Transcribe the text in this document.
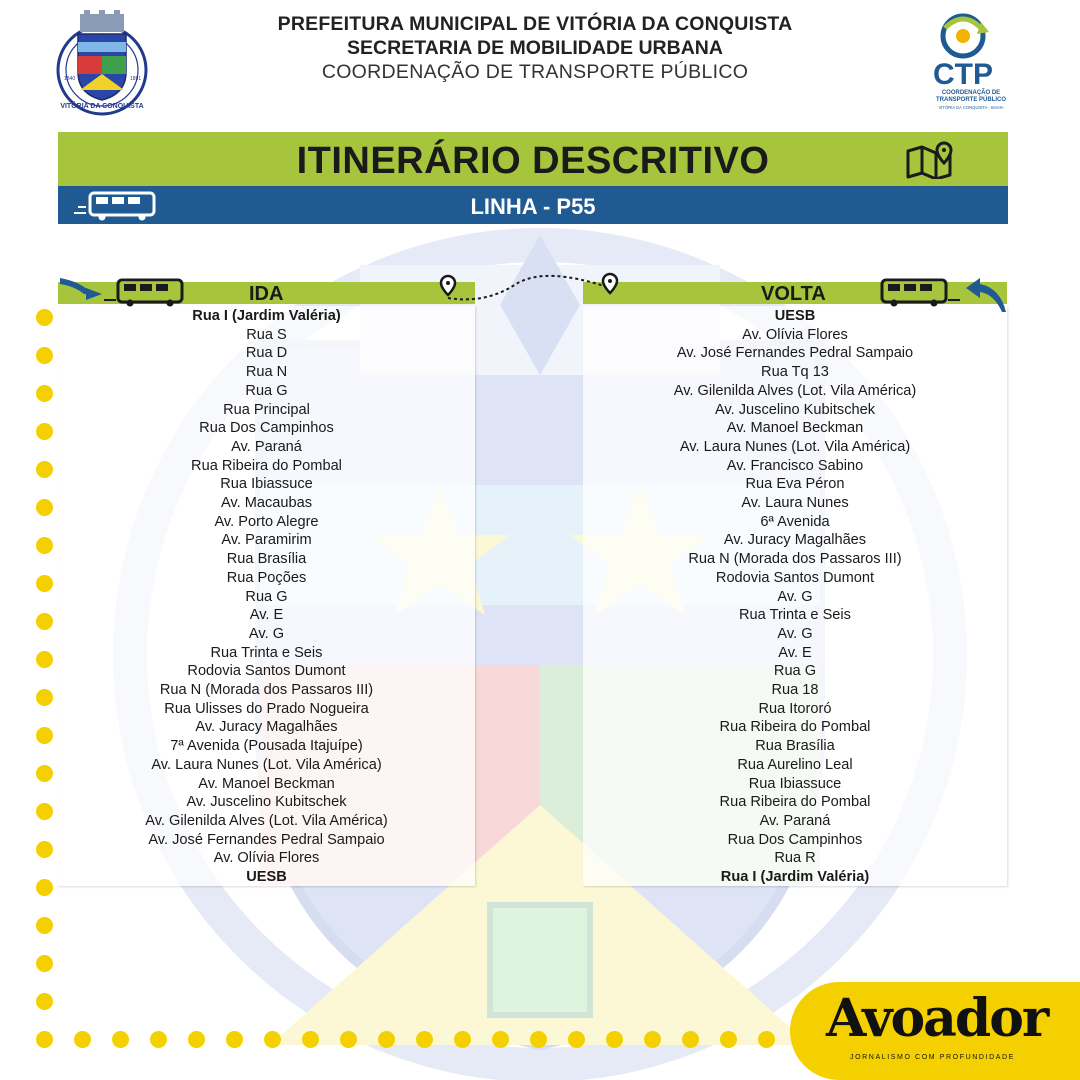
VITÓRIA DA CONQUISTA
1840	1891
PREFEITURA MUNICIPAL DE VITÓRIA DA CONQUISTA
SECRETARIA DE MOBILIDADE URBANA
COORDENAÇÃO DE TRANSPORTE PÚBLICO	CTP
COORDENAÇÃO DE
TRANSPORTE PÚBLICO
VITÓRIA DA CONQUISTA - BAHIA
ITINERÁRIO DESCRITIVO
LINHA - P55
IDA	VOLTA
Rua I (Jardim Valéria)
Rua S
Rua D
Rua N
Rua G
Rua Principal
Rua Dos Campinhos
Av. Paraná
Rua Ribeira do Pombal
Rua Ibiassuce
Av. Macaubas
Av. Porto Alegre
Av. Paramirim
Rua Brasília
Rua Poções
Rua G
Av. E
Av. G
Rua Trinta e Seis
Rodovia Santos Dumont
Rua N (Morada dos Passaros III)
Rua Ulisses do Prado Nogueira
Av. Juracy Magalhães
7ª Avenida (Pousada Itajuípe)
Av. Laura Nunes (Lot. Vila América)
Av. Manoel Beckman
Av. Juscelino Kubitschek
Av. Gilenilda Alves (Lot. Vila América)
Av. José Fernandes Pedral Sampaio
Av. Olívia Flores
UESB
UESB
Av. Olívia Flores
Av. José Fernandes Pedral Sampaio
Rua Tq 13
Av. Gilenilda Alves (Lot. Vila América)
Av. Juscelino Kubitschek
Av. Manoel Beckman
Av. Laura Nunes (Lot. Vila América)
Av. Francisco Sabino
Rua Eva Péron
Av. Laura Nunes
6ª Avenida
Av. Juracy Magalhães
Rua N (Morada dos Passaros III)
Rodovia Santos Dumont
Av. G
Rua Trinta e Seis
Av. G
Av. E
Rua G
Rua 18
Rua Itororó
Rua Ribeira do Pombal
Rua Brasília
Rua Aurelino Leal
Rua Ibiassuce
Rua Ribeira do Pombal
Av. Paraná
Rua Dos Campinhos
Rua R
Rua I (Jardim Valéria)
Avoador
JORNALISMO COM PROFUNDIDADE
